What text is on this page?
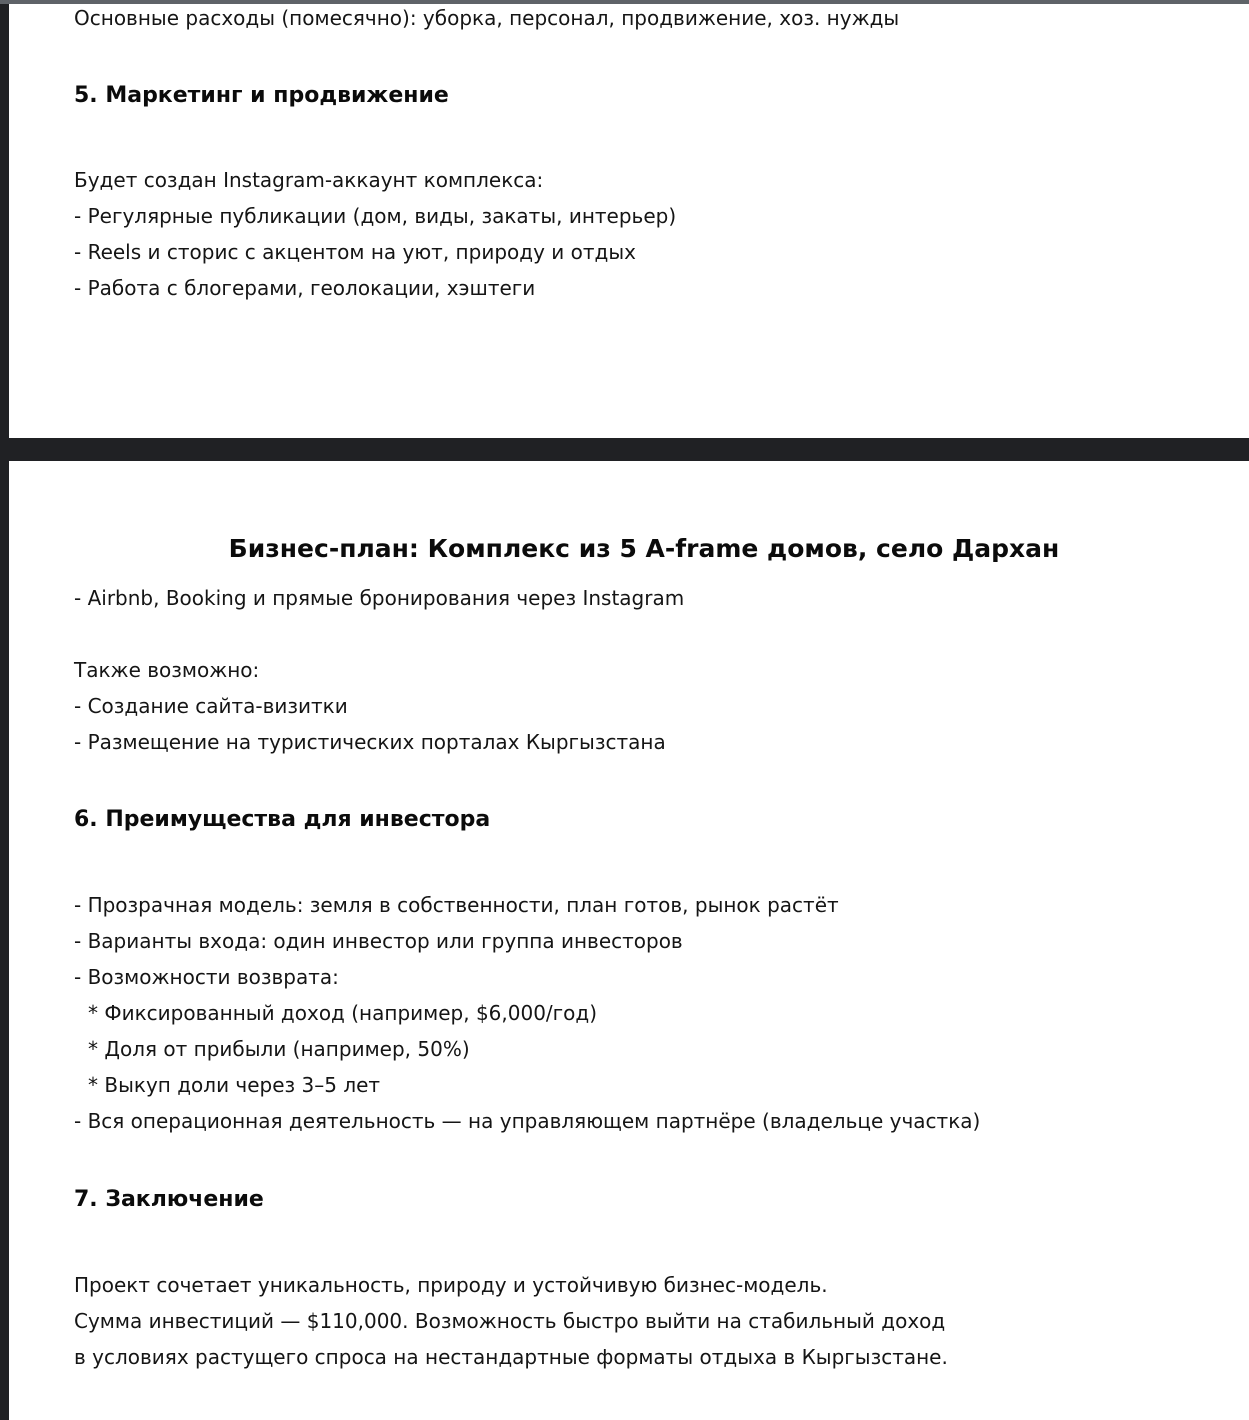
Основные расходы (помесячно): уборка, персонал, продвижение, хоз. нужды

5. Маркетинг и продвижение

Будет создан Instagram-аккаунт комплекса:

- Регулярные публикации (дом, виды, закаты, интерьер)

- Reels и сторис с акцентом на уют, природу и отдых

- Работа с блогерами, геолокации, хэштеги

Бизнес-план: Комплекс из 5 A-frame домов, село Дархан

- Airbnb, Booking и прямые бронирования через Instagram

Также возможно:

- Создание сайта-визитки

- Размещение на туристических порталах Кыргызстана

6. Преимущества для инвестора

- Прозрачная модель: земля в собственности, план готов, рынок растёт

- Варианты входа: один инвестор или группа инвесторов

- Возможности возврата:

* Фиксированный доход (например, $6,000/год)

* Доля от прибыли (например, 50%)

* Выкуп доли через 3–5 лет

- Вся операционная деятельность — на управляющем партнёре (владельце участка)

7. Заключение

Проект сочетает уникальность, природу и устойчивую бизнес-модель.

Сумма инвестиций — $110,000. Возможность быстро выйти на стабильный доход

в условиях растущего спроса на нестандартные форматы отдыха в Кыргызстане.
